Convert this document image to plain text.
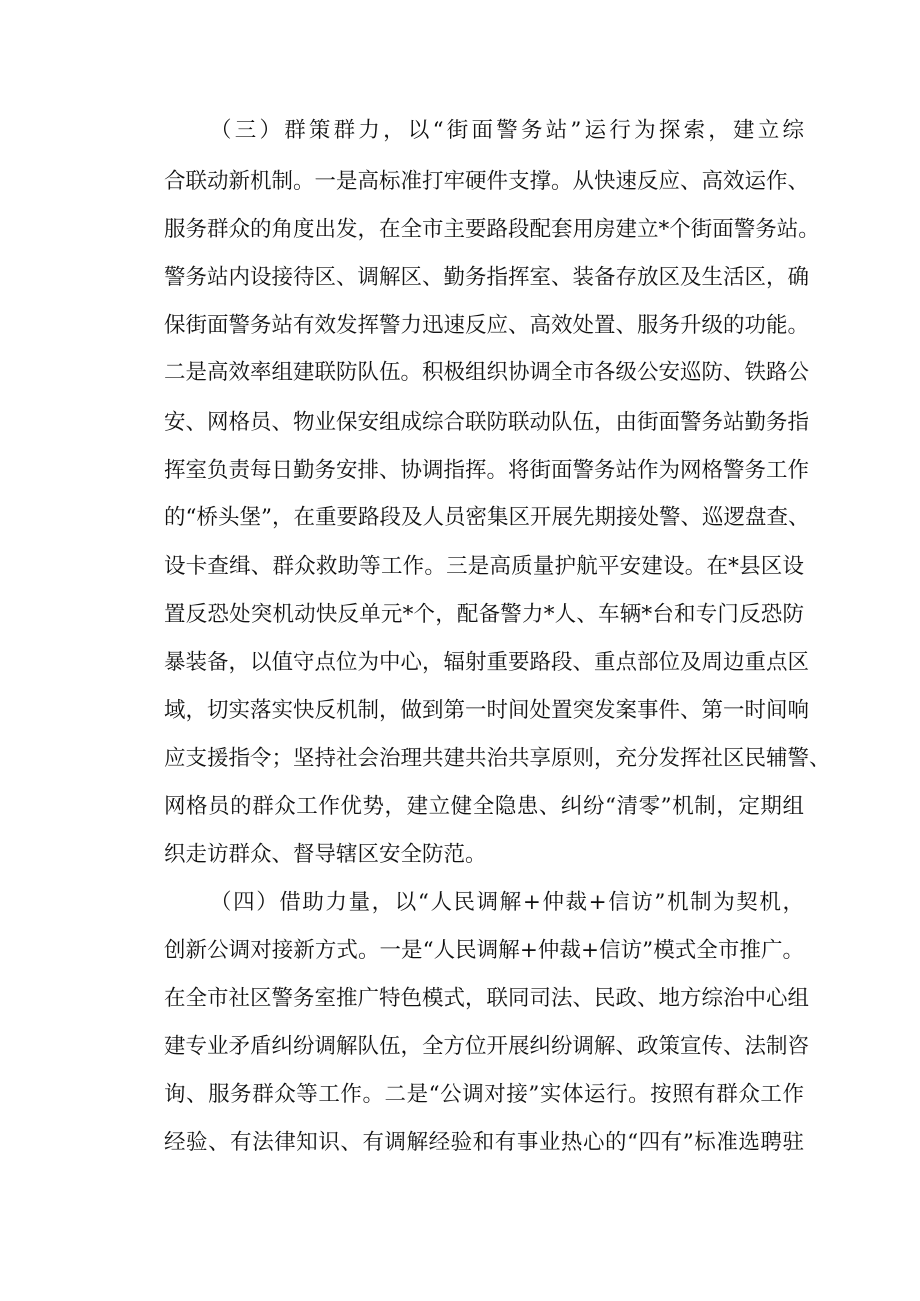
（三）群策群力，以“街面警务站”运行为探索，建立综
合联动新机制。一是高标准打牢硬件支撑。从快速反应、高效运作、
服务群众的角度出发，在全市主要路段配套用房建立*个街面警务站。
警务站内设接待区、调解区、勤务指挥室、装备存放区及生活区，确
保街面警务站有效发挥警力迅速反应、高效处置、服务升级的功能。
二是高效率组建联防队伍。积极组织协调全市各级公安巡防、铁路公
安、网格员、物业保安组成综合联防联动队伍，由街面警务站勤务指
挥室负责每日勤务安排、协调指挥。将街面警务站作为网格警务工作
的“桥头堡”，在重要路段及人员密集区开展先期接处警、巡逻盘查、
设卡查缉、群众救助等工作。三是高质量护航平安建设。在*县区设
置反恐处突机动快反单元*个，配备警力*人、车辆*台和专门反恐防
暴装备，以值守点位为中心，辐射重要路段、重点部位及周边重点区
域，切实落实快反机制，做到第一时间处置突发案事件、第一时间响
应支援指令；坚持社会治理共建共治共享原则，充分发挥社区民辅警、
网格员的群众工作优势，建立健全隐患、纠纷“清零”机制，定期组
织走访群众、督导辖区安全防范。
（四）借助力量，以“人民调解+仲裁+信访”机制为契机，
创新公调对接新方式。一是“人民调解+仲裁+信访”模式全市推广。
在全市社区警务室推广特色模式，联同司法、民政、地方综治中心组
建专业矛盾纠纷调解队伍，全方位开展纠纷调解、政策宣传、法制咨
询、服务群众等工作。二是“公调对接”实体运行。按照有群众工作
经验、有法律知识、有调解经验和有事业热心的“四有”标准选聘驻
